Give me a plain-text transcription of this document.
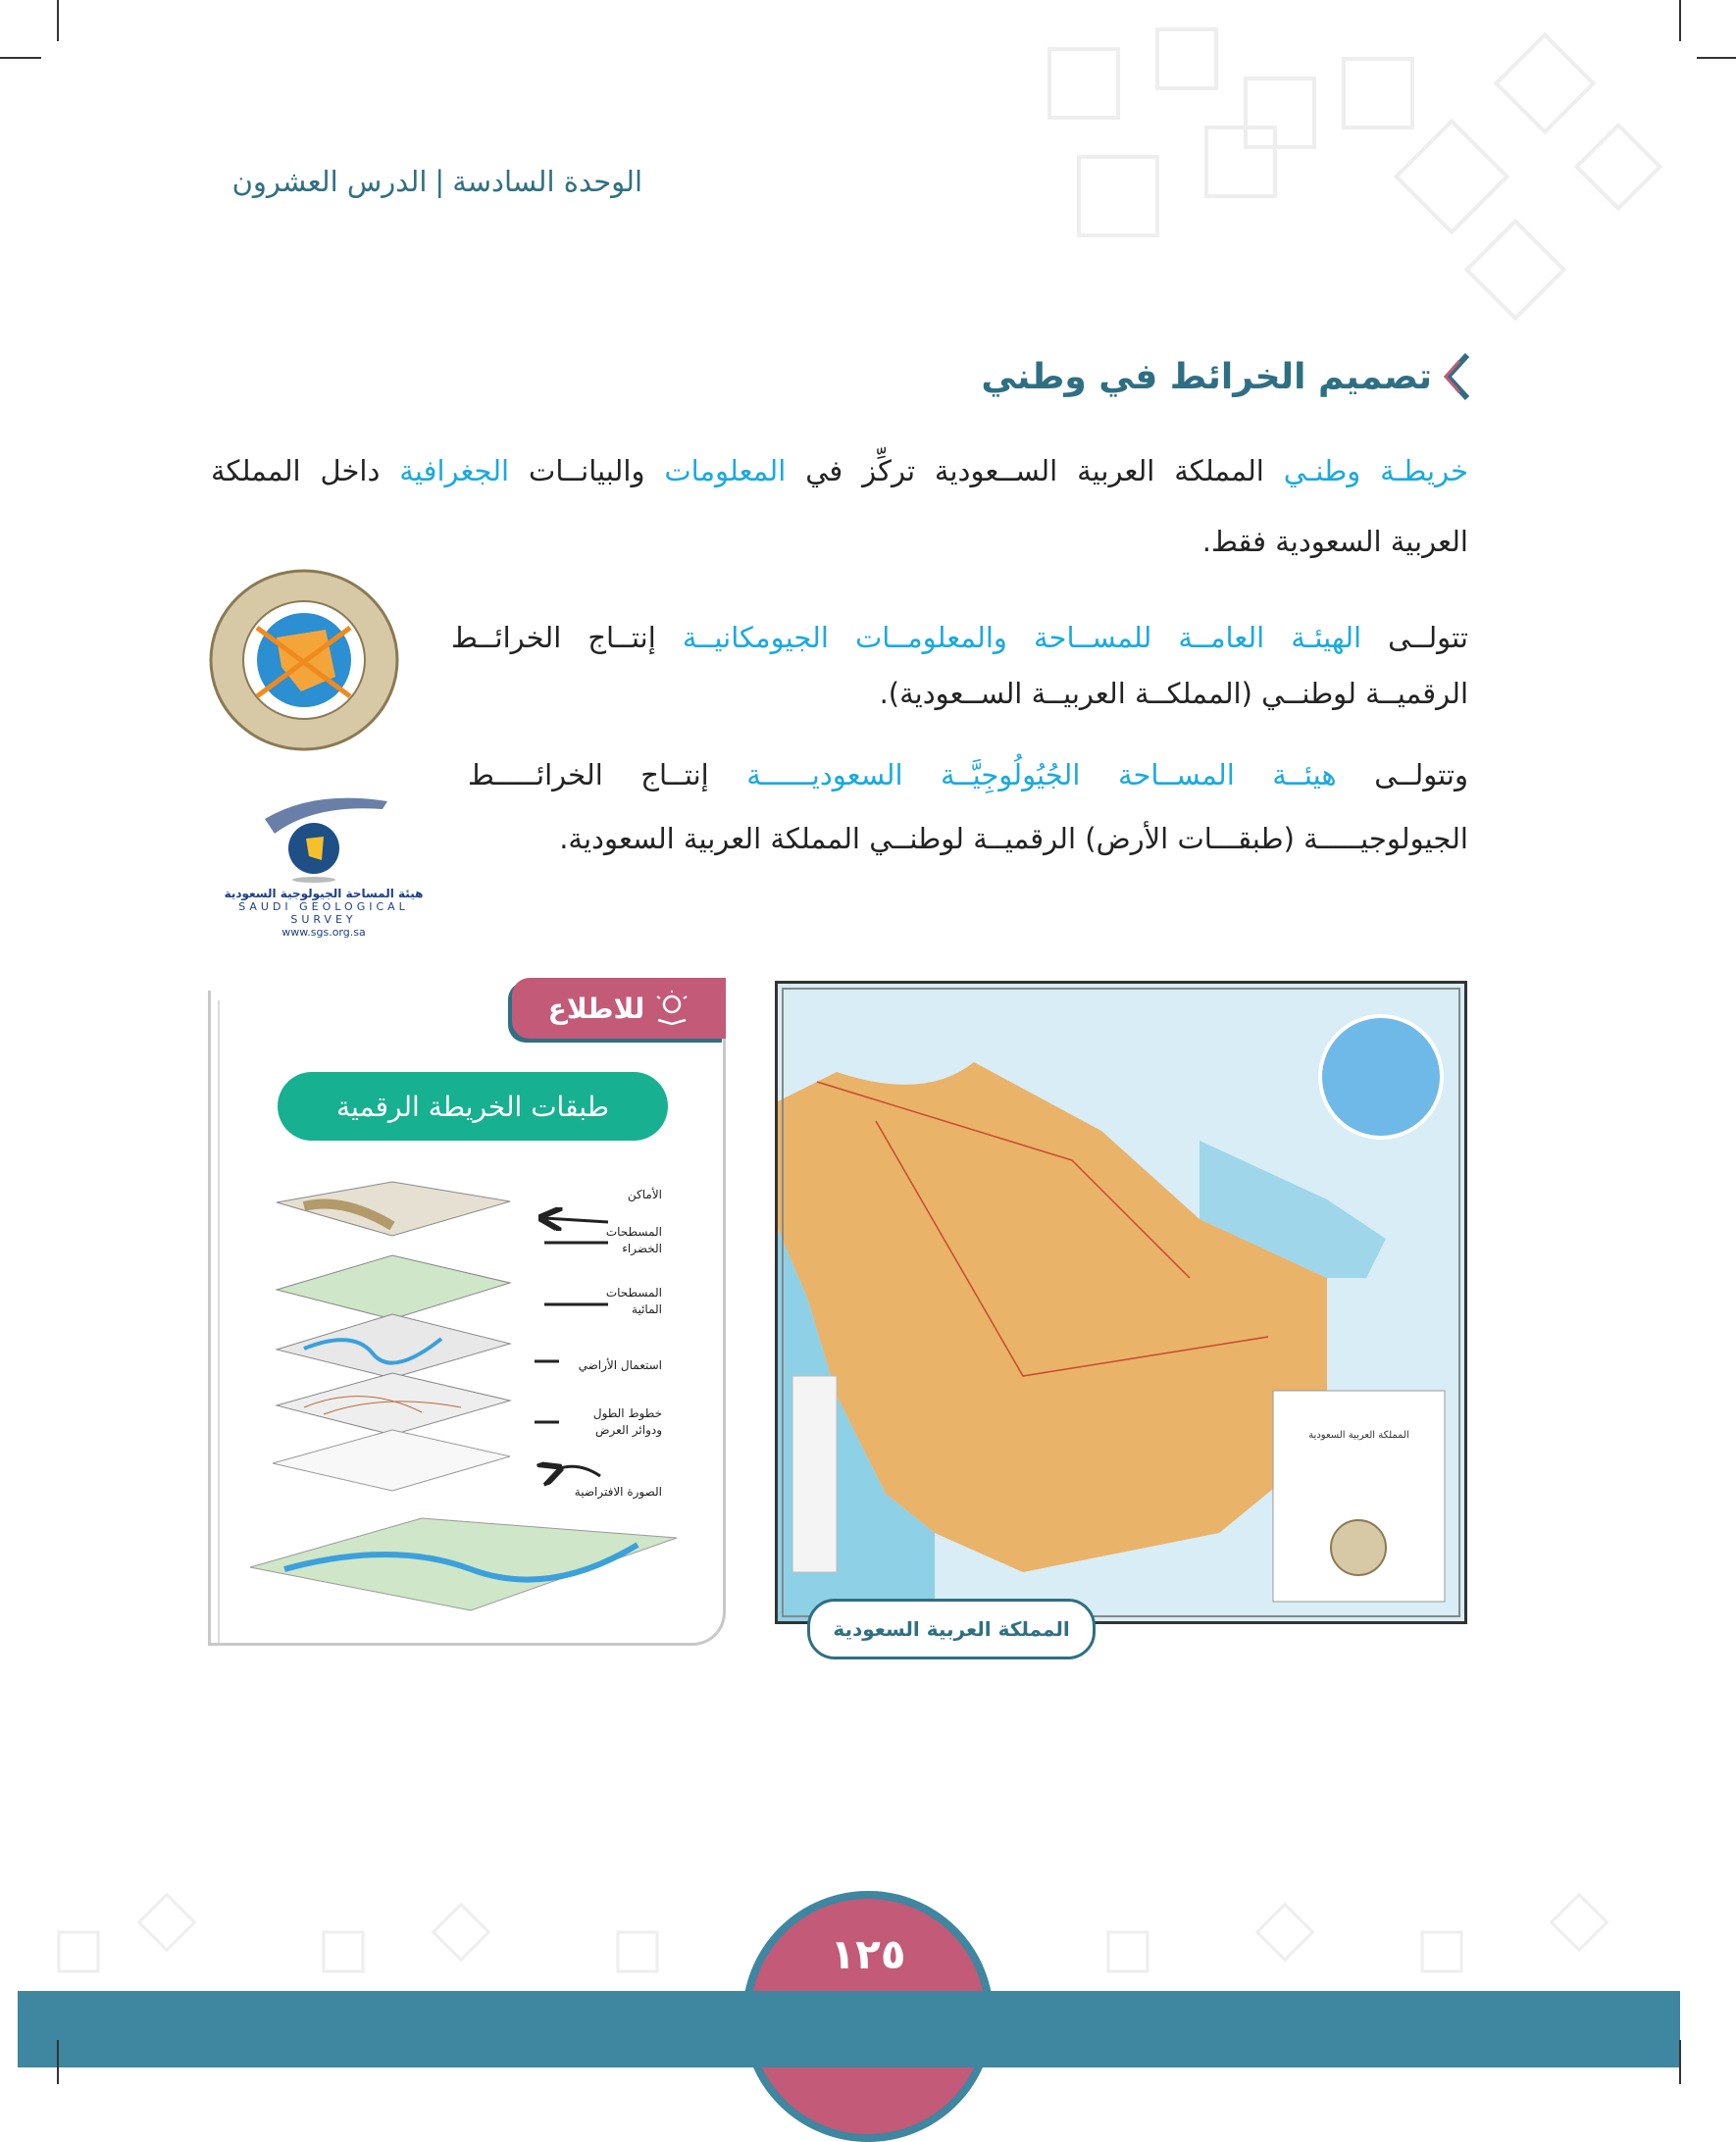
الوحدة السادسة|الدرس العشرون
تصميم الخرائط في وطني
خريطـة وطنـي المملكة العربية الســعودية تركِّز في المعلومات والبيانــات الجغرافية داخل المملكة
العربية السعودية فقط.
تتولــى الهيئـة العامــة للمســاحة والمعلومــات الجيومكانيــة إنتــاج الخرائــط
الرقميــة لوطنــي (المملكــة العربيــة الســعودية).
وتتولــى هيئــة المســاحة الجُيُولُوجِيَّــة السعوديــــــة إنتــاج الخرائـــــط
الجيولوجيـــــة (طبقـــات الأرض) الرقميــة لوطنــي المملكة العربية السعودية.
هيئة المساحة الجيولوجية السعودية
SAUDI GEOLOGICAL SURVEY
www.sgs.org.sa
للاطلاع
طبقات الخريطة الرقمية
الأماكن
المسطحات الخضراء
المسطحات المائية
استعمال الأراضي
خطوط الطول ودوائر العرض
الصورة الافتراضية
المملكة العربية السعودية
المملكة العربية السعودية
١٢٥
